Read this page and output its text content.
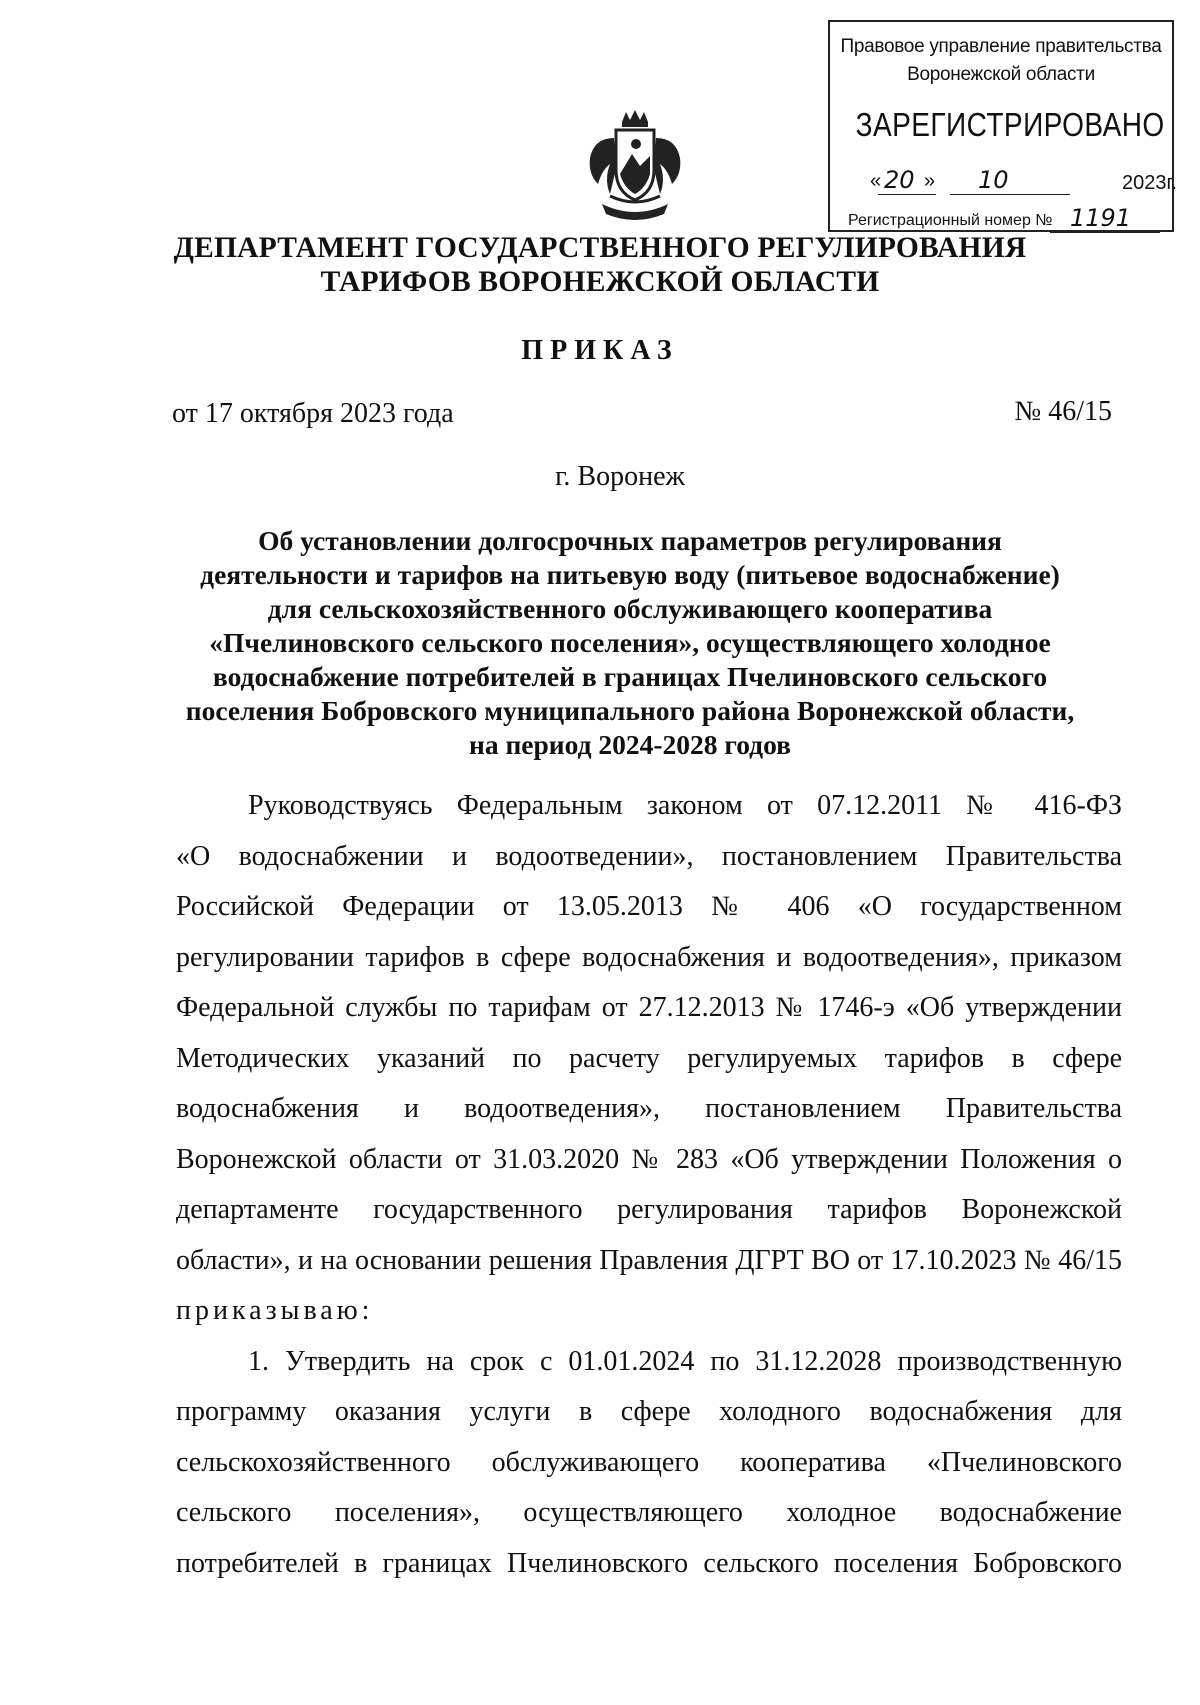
Правовое управление правительства
Воронежской области
ЗАРЕГИСТРИРОВАНО
« 20 » 10	2023г.
Регистрационный номер № 1191
ДЕПАРТАМЕНТ ГОСУДАРСТВЕННОГО РЕГУЛИРОВАНИЯ
ТАРИФОВ ВОРОНЕЖСКОЙ ОБЛАСТИ
ПРИКАЗ
от 17 октября 2023 года	№ 46/15
г. Воронеж
Об установлении долгосрочных параметров регулирования
деятельности и тарифов на питьевую воду (питьевое водоснабжение)
для сельскохозяйственного обслуживающего кооператива
«Пчелиновского сельского поселения», осуществляющего холодное
водоснабжение потребителей в границах Пчелиновского сельского
поселения Бобровского муниципального района Воронежской области,
на период 2024-2028 годов
Руководствуясь Федеральным законом от 07.12.2011 № 416-ФЗ
«О водоснабжении и водоотведении», постановлением Правительства
Российской Федерации от 13.05.2013 № 406 «О государственном
регулировании тарифов в сфере водоснабжения и водоотведения», приказом
Федеральной службы по тарифам от 27.12.2013 № 1746-э «Об утверждении
Методических указаний по расчету регулируемых тарифов в сфере
водоснабжения и водоотведения», постановлением Правительства
Воронежской области от 31.03.2020 № 283 «Об утверждении Положения о
департаменте государственного регулирования тарифов Воронежской
области», и на основании решения Правления ДГРТ ВО от 17.10.2023 № 46/15
приказываю:
1. Утвердить на срок с 01.01.2024 по 31.12.2028 производственную
программу оказания услуги в сфере холодного водоснабжения для
сельскохозяйственного обслуживающего кооператива «Пчелиновского
сельского поселения», осуществляющего холодное водоснабжение
потребителей в границах Пчелиновского сельского поселения Бобровского
